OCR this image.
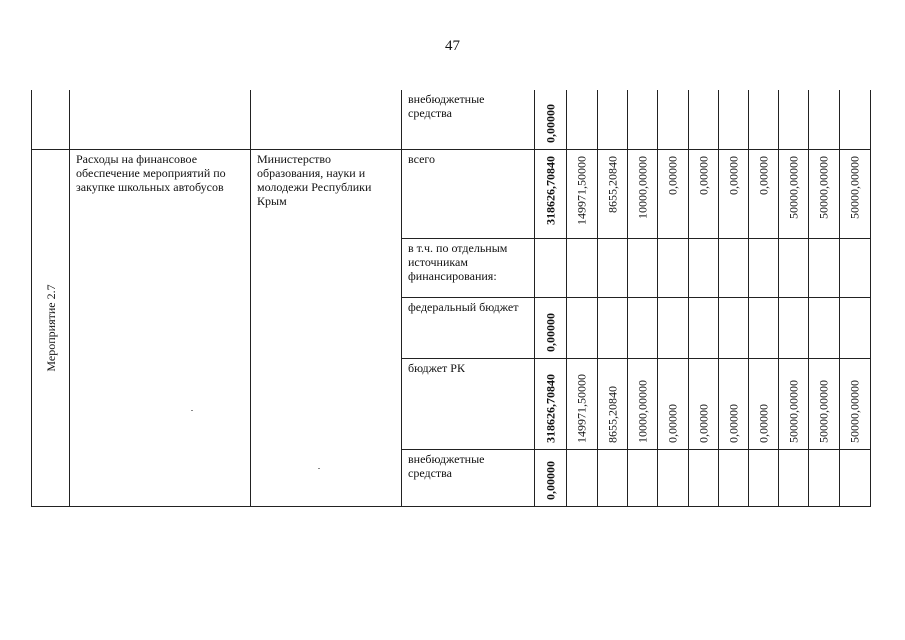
47

			внебюджетные средства	0,00000										

Мероприятие 2.7	Расходы на финансовое обеспечение мероприятий по закупке школьных автобусов	Министерство образования, науки и молодежи Республики Крым	всего	318626,70840	149971,50000	8655,20840	10000,00000	0,00000	0,00000	0,00000	0,00000	50000,00000	50000,00000	50000,00000

			в т.ч. по отдельным источникам финансирования:											

			федеральный бюджет	0,00000										

			бюджет РК	318626,70840	149971,50000	8655,20840	10000,00000	0,00000	0,00000	0,00000	0,00000	50000,00000	50000,00000	50000,00000

			внебюджетные средства	0,00000										
